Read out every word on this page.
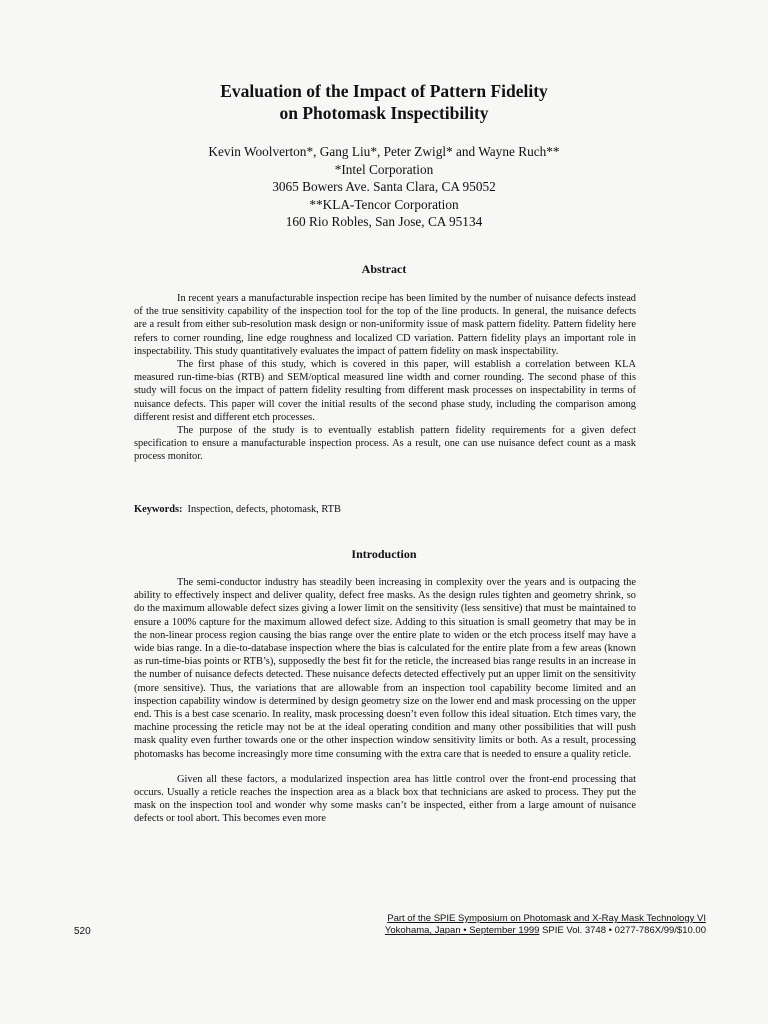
Evaluation of the Impact of Pattern Fidelity
on Photomask Inspectibility
Kevin Woolverton*, Gang Liu*, Peter Zwigl* and Wayne Ruch**
*Intel Corporation
3065 Bowers Ave. Santa Clara, CA 95052
**KLA-Tencor Corporation
160 Rio Robles, San Jose, CA 95134
Abstract

In recent years a manufacturable inspection recipe has been limited by the number of nuisance defects instead of the true sensitivity capability of the inspection tool for the top of the line products. In general, the nuisance defects are a result from either sub-resolution mask design or non-uniformity issue of mask pattern fidelity. Pattern fidelity here refers to corner rounding, line edge roughness and localized CD variation. Pattern fidelity plays an important role in inspectability. This study quantitatively evaluates the impact of pattern fidelity on mask inspectability.

The first phase of this study, which is covered in this paper, will establish a correlation between KLA measured run-time-bias (RTB) and SEM/optical measured line width and corner rounding. The second phase of this study will focus on the impact of pattern fidelity resulting from different mask processes on inspectability in terms of nuisance defects. This paper will cover the initial results of the second phase study, including the comparison among different resist and different etch processes.

The purpose of the study is to eventually establish pattern fidelity requirements for a given defect specification to ensure a manufacturable inspection process. As a result, one can use nuisance defect count as a mask process monitor.

Keywords: Inspection, defects, photomask, RTB
Introduction

The semi-conductor industry has steadily been increasing in complexity over the years and is outpacing the ability to effectively inspect and deliver quality, defect free masks. As the design rules tighten and geometry shrink, so do the maximum allowable defect sizes giving a lower limit on the sensitivity (less sensitive) that must be maintained to ensure a 100% capture for the maximum allowed defect size. Adding to this situation is small geometry that may be in the non-linear process region causing the bias range over the entire plate to widen or the etch process itself may have a wide bias range. In a die-to-database inspection where the bias is calculated for the entire plate from a few areas (known as run-time-bias points or RTB’s), supposedly the best fit for the reticle, the increased bias range results in an increase in the number of nuisance defects detected. These nuisance defects detected effectively put an upper limit on the sensitivity (more sensitive). Thus, the variations that are allowable from an inspection tool capability become limited and an inspection capability window is determined by design geometry size on the lower end and mask processing on the upper end. This is a best case scenario. In reality, mask processing doesn’t even follow this ideal situation. Etch times vary, the machine processing the reticle may not be at the ideal operating condition and many other possibilities that will push mask quality even further towards one or the other inspection window sensitivity limits or both. As a result, processing photomasks has become increasingly more time consuming with the extra care that is needed to ensure a quality reticle.

Given all these factors, a modularized inspection area has little control over the front-end processing that occurs. Usually a reticle reaches the inspection area as a black box that technicians are asked to process. They put the mask on the inspection tool and wonder why some masks can’t be inspected, either from a large amount of nuisance defects or tool abort. This becomes even more

520
Part of the SPIE Symposium on Photomask and X-Ray Mask Technology VI
Yokohama, Japan • September 1999 SPIE Vol. 3748 • 0277-786X/99/$10.00
